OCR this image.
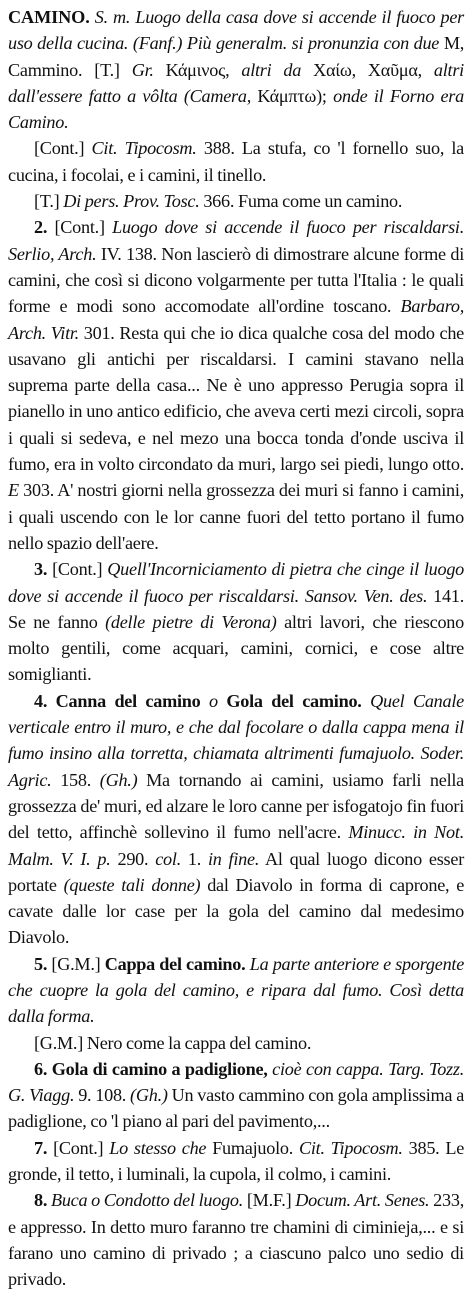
CAMINO. S. m. Luogo della casa dove si accende il fuoco per uso della cucina. (Fanf.) Più generalm. si pronunzia con due M, Cammino. [T.] Gr. Κάμινος, altri da Χαίω, Χαῦμα, altri dall'essere fatto a vôlta (Camera, Κάμπτω); onde il Forno era Camino.

[Cont.] Cit. Tipocosm. 388. La stufa, co 'l fornello suo, la cucina, i focolai, e i camini, il tinello.

[T.] Di pers. Prov. Tosc. 366. Fuma come un camino.

2. [Cont.] Luogo dove si accende il fuoco per riscaldarsi. Serlio, Arch. IV. 138. Non lascierò di dimostrare alcune forme di camini, che così si dicono volgarmente per tutta l'Italia : le quali forme e modi sono accomodate all'ordine toscano. Barbaro, Arch. Vitr. 301. Resta qui che io dica qualche cosa del modo che usavano gli antichi per riscaldarsi. I camini stavano nella suprema parte della casa... Ne è uno appresso Perugia sopra il pianello in uno antico edificio, che aveva certi mezi circoli, sopra i quali si sedeva, e nel mezo una bocca tonda d'onde usciva il fumo, era in volto circondato da muri, largo sei piedi, lungo otto. E 303. A' nostri giorni nella grossezza dei muri si fanno i camini, i quali uscendo con le lor canne fuori del tetto portano il fumo nello spazio dell'aere.

3. [Cont.] Quell'Incorniciamento di pietra che cinge il luogo dove si accende il fuoco per riscaldarsi. Sansov. Ven. des. 141. Se ne fanno (delle pietre di Verona) altri lavori, che riescono molto gentili, come acquari, camini, cornici, e cose altre somiglianti.

4. Canna del camino o Gola del camino. Quel Canale verticale entro il muro, e che dal focolare o dalla cappa mena il fumo insino alla torretta, chiamata altrimenti fumajuolo. Soder. Agric. 158. (Gh.) Ma tornando ai camini, usiamo farli nella grossezza de' muri, ed alzare le loro canne per isfogatojo fin fuori del tetto, affinchè sollevino il fumo nell'acre. Minucc. in Not. Malm. V. I. p. 290. col. 1. in fine. Al qual luogo dicono esser portate (queste tali donne) dal Diavolo in forma di caprone, e cavate dalle lor case per la gola del camino dal medesimo Diavolo.

5. [G.M.] Cappa del camino. La parte anteriore e sporgente che cuopre la gola del camino, e ripara dal fumo. Così detta dalla forma.

[G.M.] Nero come la cappa del camino.

6. Gola di camino a padiglione, cioè con cappa. Targ. Tozz. G. Viagg. 9. 108. (Gh.) Un vasto cammino con gola amplissima a padiglione, co 'l piano al pari del pavimento,...

7. [Cont.] Lo stesso che Fumajuolo. Cit. Tipocosm. 385. Le gronde, il tetto, i luminali, la cupola, il colmo, i camini.

8. Buca o Condotto del luogo. [M.F.] Docum. Art. Senes. 233, e appresso. In detto muro faranno tre chamini di ciminieja,... e si farano uno camino di privado ; a ciascuno palco uno sedio di privado.
